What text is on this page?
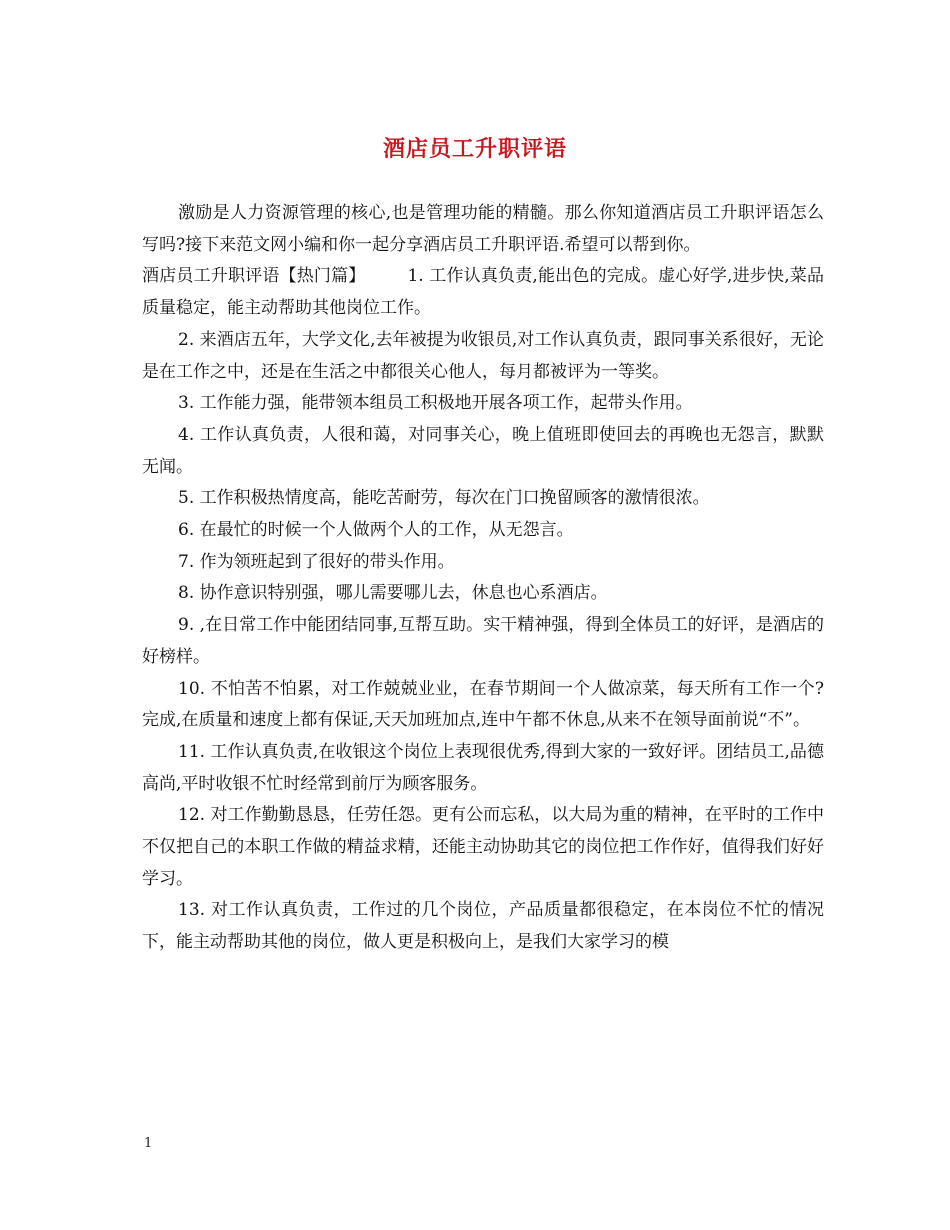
酒店员工升职评语

激励是人力资源管理的核心,也是管理功能的精髓。那么你知道酒店员工升职评语怎么写吗?接下来范文网小编和你一起分享酒店员工升职评语.希望可以帮到你。

酒店员工升职评语【热门篇】 1. 工作认真负责,能出色的完成。虚心好学,进步快,菜品质量稳定，能主动帮助其他岗位工作。

2. 来酒店五年，大学文化,去年被提为收银员,对工作认真负责，跟同事关系很好，无论是在工作之中，还是在生活之中都很关心他人，每月都被评为一等奖。

3. 工作能力强，能带领本组员工积极地开展各项工作，起带头作用。

4. 工作认真负责，人很和蔼，对同事关心，晚上值班即使回去的再晚也无怨言，默默无闻。

5. 工作积极热情度高，能吃苦耐劳，每次在门口挽留顾客的激情很浓。

6. 在最忙的时候一个人做两个人的工作，从无怨言。

7. 作为领班起到了很好的带头作用。

8. 协作意识特别强，哪儿需要哪儿去，休息也心系酒店。

9. ,在日常工作中能团结同事,互帮互助。实干精神强，得到全体员工的好评，是酒店的好榜样。

10. 不怕苦不怕累，对工作兢兢业业，在春节期间一个人做凉菜，每天所有工作一个?完成,在质量和速度上都有保证,天天加班加点,连中午都不休息,从来不在领导面前说“不”。

11. 工作认真负责,在收银这个岗位上表现很优秀,得到大家的一致好评。团结员工,品德高尚,平时收银不忙时经常到前厅为顾客服务。

12. 对工作勤勤恳恳，任劳任怨。更有公而忘私，以大局为重的精神，在平时的工作中不仅把自己的本职工作做的精益求精，还能主动协助其它的岗位把工作作好，值得我们好好学习。

13. 对工作认真负责，工作过的几个岗位，产品质量都很稳定，在本岗位不忙的情况下，能主动帮助其他的岗位，做人更是积极向上，是我们大家学习的模

1
